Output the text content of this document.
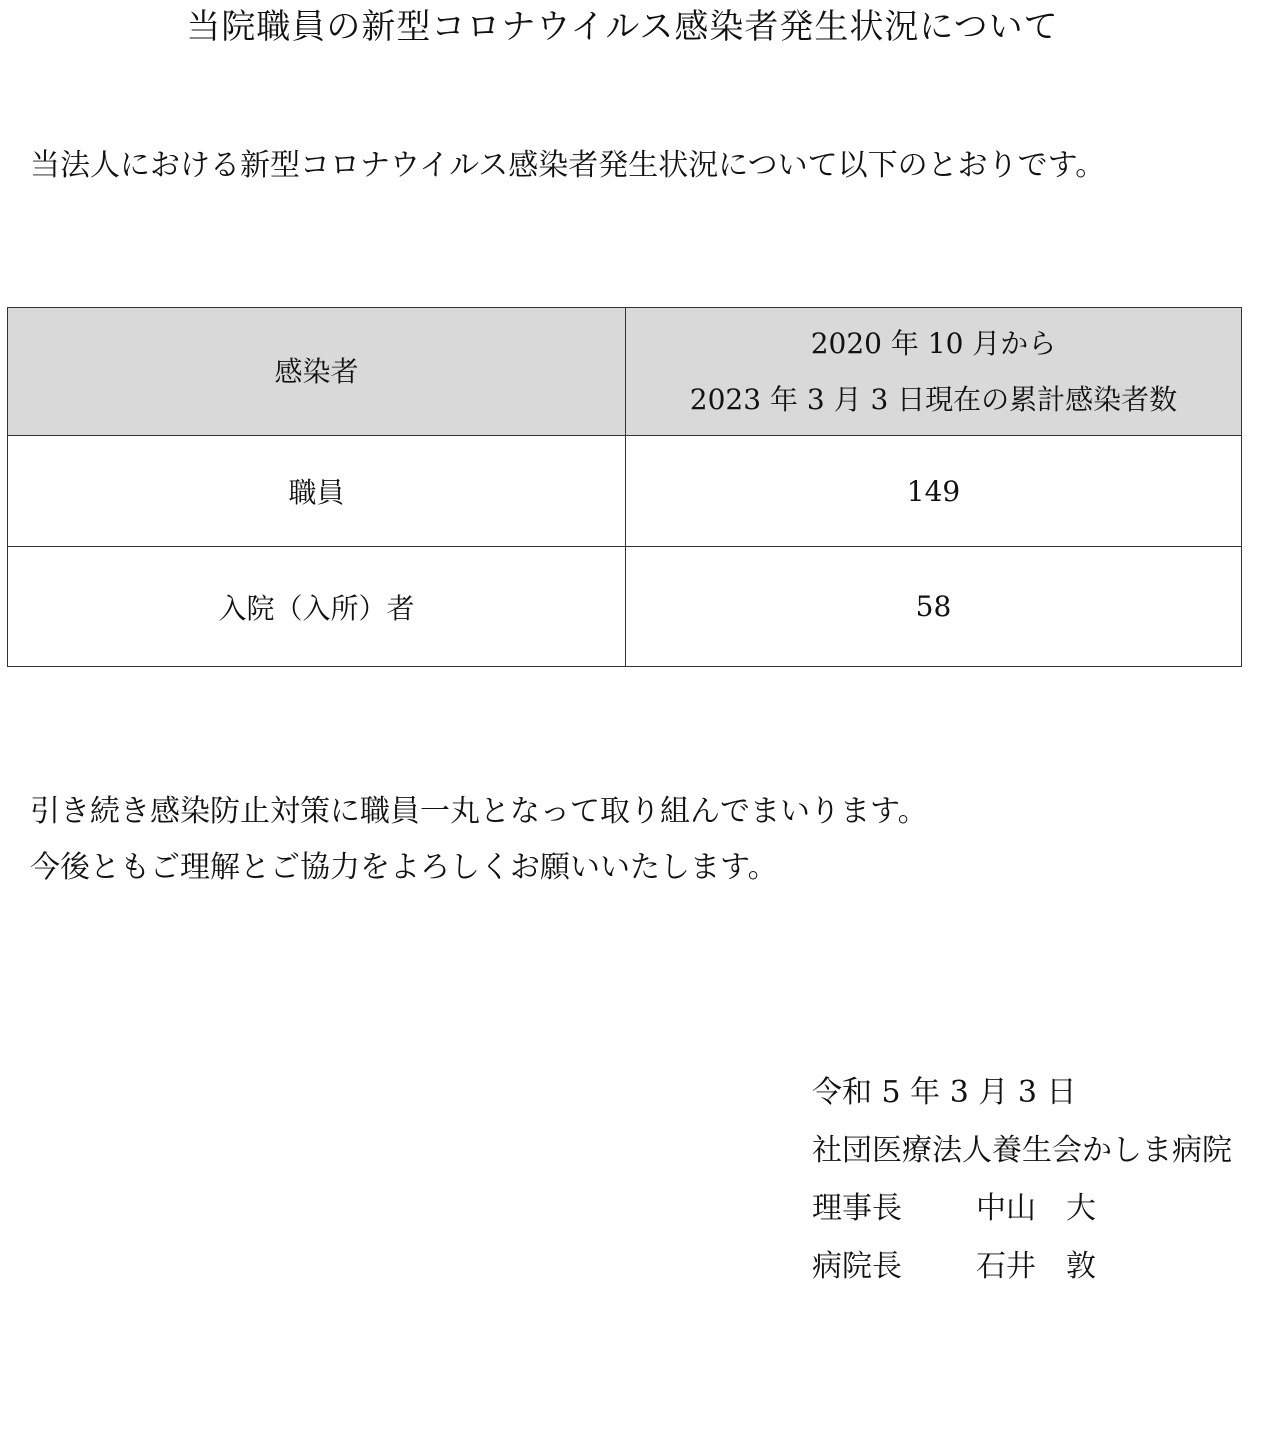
当院職員の新型コロナウイルス感染者発生状況について
当法人における新型コロナウイルス感染者発生状況について以下のとおりです。
感染者	2020 年 10 月から
2023 年 3 月 3 日現在の累計感染者数

職員	149
入院（入所）者	58

引き続き感染防止対策に職員一丸となって取り組んでまいります。

今後ともご理解とご協力をよろしくお願いいたします。

令和 5 年 3 月 3 日

社団医療法人養生会かしま病院

理事長 中山　大

病院長 石井　敦
